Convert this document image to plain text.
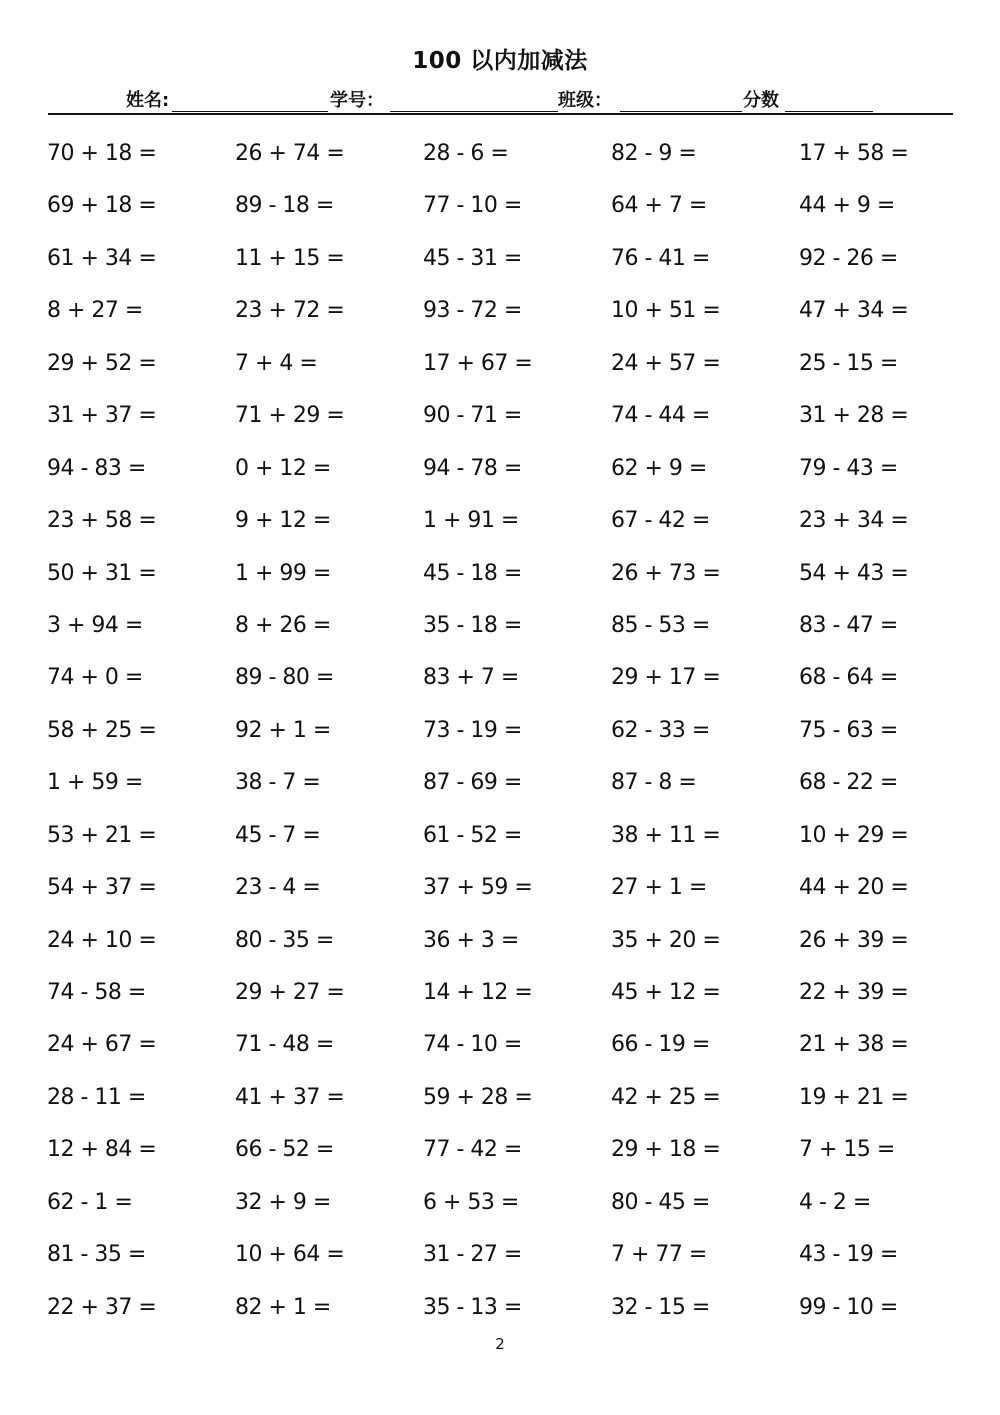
100 以内加减法
姓名:	学号：	班级：	分数
70 + 18 =	26 + 74 =	28 - 6 =	82 - 9 =	17 + 58 =
69 + 18 =	89 - 18 =	77 - 10 =	64 + 7 =	44 + 9 =
61 + 34 =	11 + 15 =	45 - 31 =	76 - 41 =	92 - 26 =
8 + 27 =	23 + 72 =	93 - 72 =	10 + 51 =	47 + 34 =
29 + 52 =	7 + 4 =	17 + 67 =	24 + 57 =	25 - 15 =
31 + 37 =	71 + 29 =	90 - 71 =	74 - 44 =	31 + 28 =
94 - 83 =	0 + 12 =	94 - 78 =	62 + 9 =	79 - 43 =
23 + 58 =	9 + 12 =	1 + 91 =	67 - 42 =	23 + 34 =
50 + 31 =	1 + 99 =	45 - 18 =	26 + 73 =	54 + 43 =
3 + 94 =	8 + 26 =	35 - 18 =	85 - 53 =	83 - 47 =
74 + 0 =	89 - 80 =	83 + 7 =	29 + 17 =	68 - 64 =
58 + 25 =	92 + 1 =	73 - 19 =	62 - 33 =	75 - 63 =
1 + 59 =	38 - 7 =	87 - 69 =	87 - 8 =	68 - 22 =
53 + 21 =	45 - 7 =	61 - 52 =	38 + 11 =	10 + 29 =
54 + 37 =	23 - 4 =	37 + 59 =	27 + 1 =	44 + 20 =
24 + 10 =	80 - 35 =	36 + 3 =	35 + 20 =	26 + 39 =
74 - 58 =	29 + 27 =	14 + 12 =	45 + 12 =	22 + 39 =
24 + 67 =	71 - 48 =	74 - 10 =	66 - 19 =	21 + 38 =
28 - 11 =	41 + 37 =	59 + 28 =	42 + 25 =	19 + 21 =
12 + 84 =	66 - 52 =	77 - 42 =	29 + 18 =	7 + 15 =
62 - 1 =	32 + 9 =	6 + 53 =	80 - 45 =	4 - 2 =
81 - 35 =	10 + 64 =	31 - 27 =	7 + 77 =	43 - 19 =
22 + 37 =	82 + 1 =	35 - 13 =	32 - 15 =	99 - 10 =
2
